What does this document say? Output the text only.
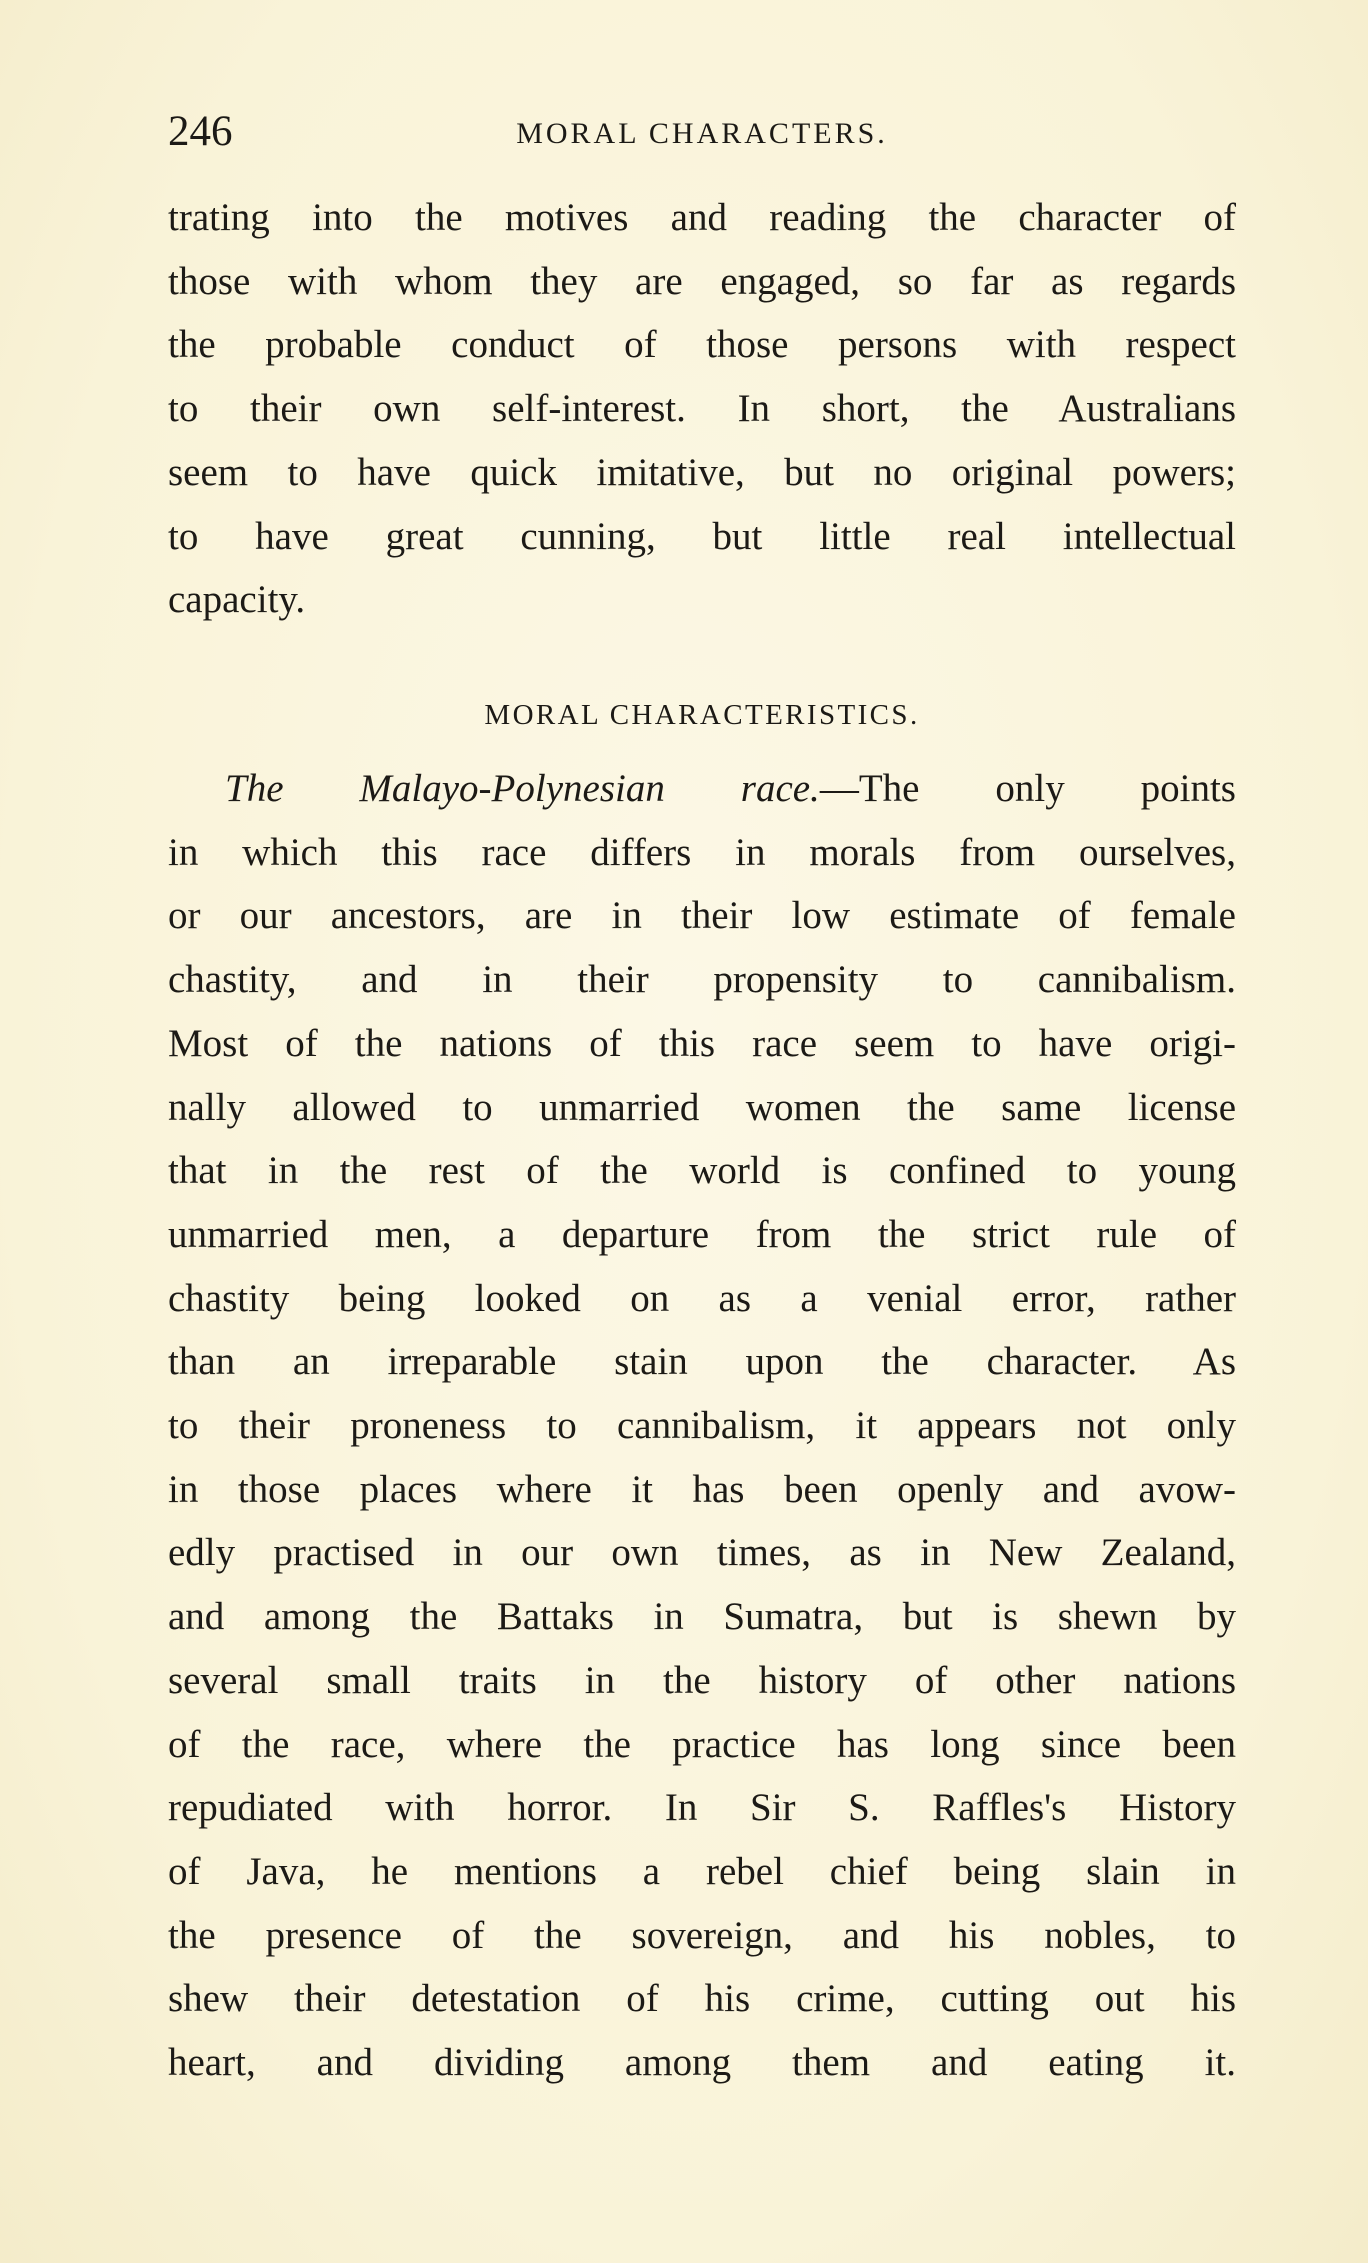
246	MORAL CHARACTERS.
trating into the motives and reading the character of
those with whom they are engaged, so far as regards
the probable conduct of those persons with respect
to their own self-interest. In short, the Australians
seem to have quick imitative, but no original powers;
to have great cunning, but little real intellectual
capacity.
MORAL CHARACTERISTICS.
The Malayo-Polynesian race.—The only points
in which this race differs in morals from ourselves,
or our ancestors, are in their low estimate of female
chastity, and in their propensity to cannibalism.
Most of the nations of this race seem to have origi-
nally allowed to unmarried women the same license
that in the rest of the world is confined to young
unmarried men, a departure from the strict rule of
chastity being looked on as a venial error, rather
than an irreparable stain upon the character. As
to their proneness to cannibalism, it appears not only
in those places where it has been openly and avow-
edly practised in our own times, as in New Zealand,
and among the Battaks in Sumatra, but is shewn by
several small traits in the history of other nations
of the race, where the practice has long since been
repudiated with horror. In Sir S. Raffles's History
of Java, he mentions a rebel chief being slain in
the presence of the sovereign, and his nobles, to
shew their detestation of his crime, cutting out his
heart, and dividing among them and eating it.
